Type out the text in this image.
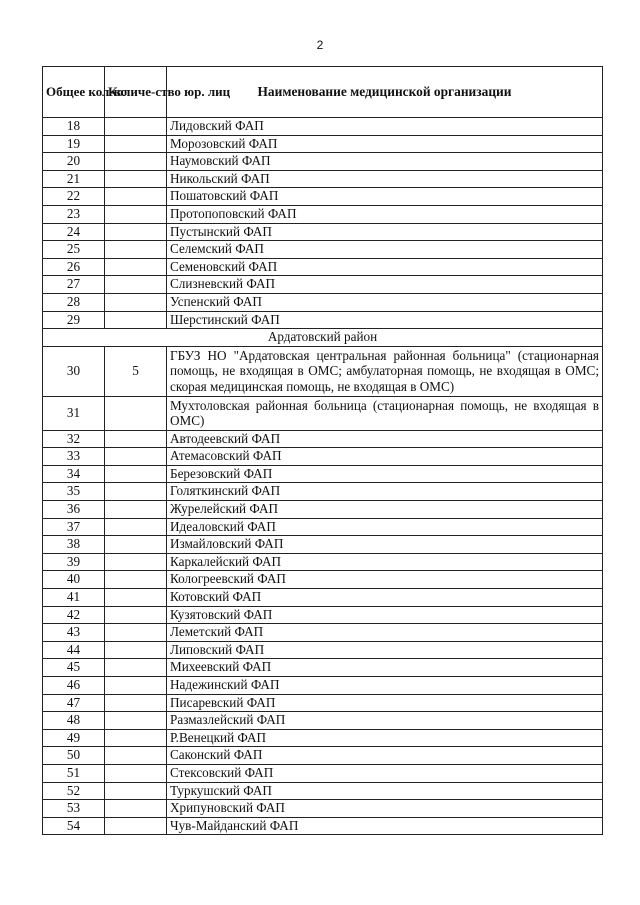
2
Общее кол-во	Количе-ство юр. лиц	Наименование медицинской организации
18		Лидовский ФАП
19		Морозовский ФАП
20		Наумовский ФАП
21		Никольский ФАП
22		Пошатовский ФАП
23		Протопоповский ФАП
24		Пустынский ФАП
25		Селемский ФАП
26		Семеновский ФАП
27		Слизневский ФАП
28		Успенский ФАП
29		Шерстинский ФАП
Ардатовский район		
30	5	ГБУЗ НО "Ардатовская центральная районная больница" (стационарная помощь, не входящая в ОМС; амбулаторная помощь, не входящая в ОМС; скорая медицинская помощь, не входящая в ОМС)
31		Мухтоловская районная больница (стационарная помощь, не входящая в ОМС)
32		Автодеевский ФАП
33		Атемасовский ФАП
34		Березовский ФАП
35		Голяткинский ФАП
36		Журелейский ФАП
37		Идеаловский ФАП
38		Измайловский ФАП
39		Каркалейский ФАП
40		Кологреевский ФАП
41		Котовский ФАП
42		Кузятовский ФАП
43		Леметский ФАП
44		Липовский ФАП
45		Михеевский ФАП
46		Надежинский ФАП
47		Писаревский ФАП
48		Размазлейский ФАП
49		Р.Венецкий ФАП
50		Саконский ФАП
51		Стексовский ФАП
52		Туркушский ФАП
53		Хрипуновский ФАП
54		Чув-Майданский ФАП
